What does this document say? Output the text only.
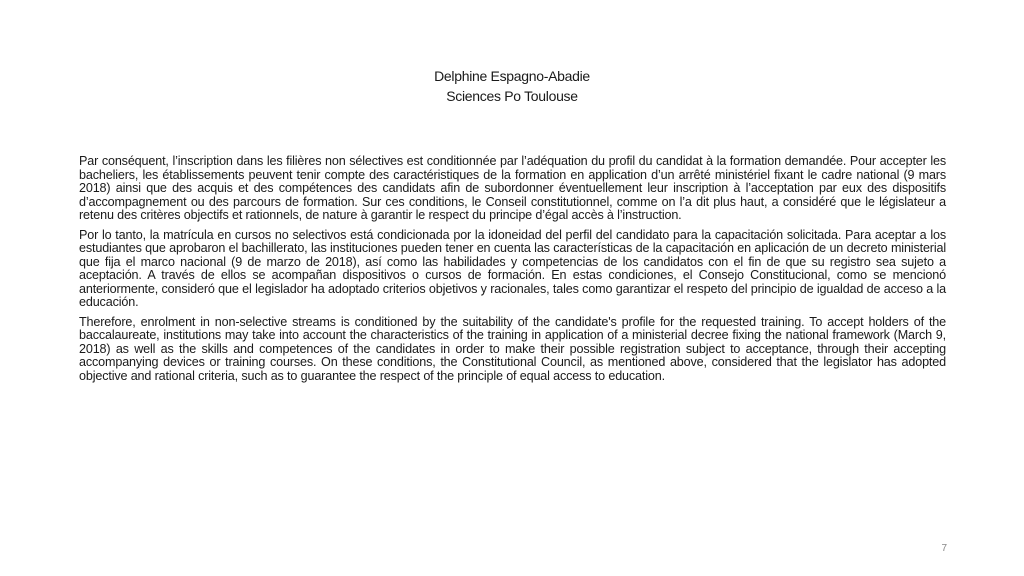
Delphine Espagno-Abadie
Sciences Po Toulouse

Par conséquent, l’inscription dans les filières non sélectives est conditionnée par l’adéquation du profil du candidat à la formation demandée. Pour accepter les bacheliers, les établissements peuvent tenir compte des caractéristiques de la formation en application d’un arrêté ministériel fixant le cadre national (9 mars 2018) ainsi que des acquis et des compétences des candidats afin de subordonner éventuellement leur inscription à l’acceptation par eux des dispositifs d’accompagnement ou des parcours de formation. Sur ces conditions, le Conseil constitutionnel, comme on l’a dit plus haut, a considéré que le législateur a retenu des critères objectifs et rationnels, de nature à garantir le respect du principe d’égal accès à l’instruction.

Por lo tanto, la matrícula en cursos no selectivos está condicionada por la idoneidad del perfil del candidato para la capacitación solicitada. Para aceptar a los estudiantes que aprobaron el bachillerato, las instituciones pueden tener en cuenta las características de la capacitación en aplicación de un decreto ministerial que fija el marco nacional (9 de marzo de 2018), así como las habilidades y competencias de los candidatos con el fin de que su registro sea sujeto a aceptación. A través de ellos se acompañan dispositivos o cursos de formación. En estas condiciones, el Consejo Constitucional, como se mencionó anteriormente, consideró que el legislador ha adoptado criterios objetivos y racionales, tales como garantizar el respeto del principio de igualdad de acceso a la educación.

Therefore, enrolment in non-selective streams is conditioned by the suitability of the candidate's profile for the requested training. To accept holders of the baccalaureate, institutions may take into account the characteristics of the training in application of a ministerial decree fixing the national framework (March 9, 2018) as well as the skills and competences of the candidates in order to make their possible registration subject to acceptance, through their accepting accompanying devices or training courses. On these conditions, the Constitutional Council, as mentioned above, considered that the legislator has adopted objective and rational criteria, such as to guarantee the respect of the principle of equal access to education.

7
